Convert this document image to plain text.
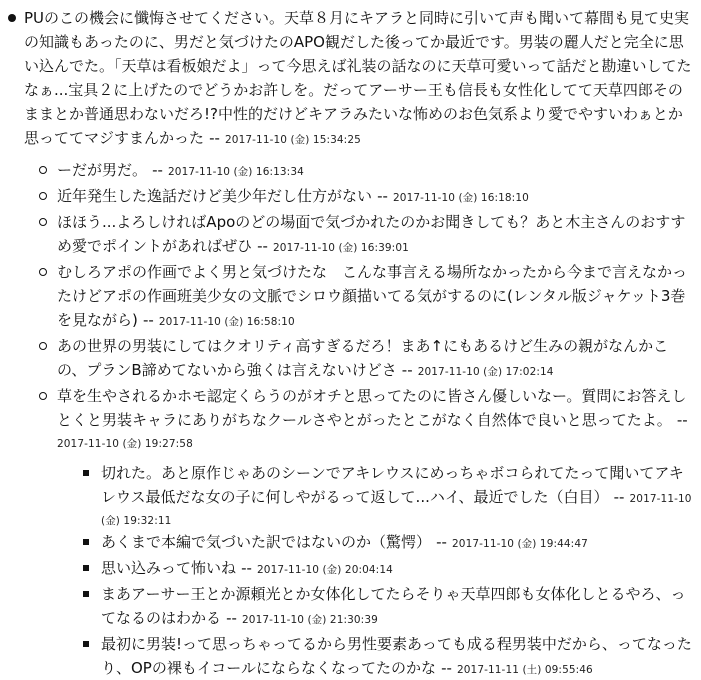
PUのこの機会に懺悔させてください。天草８月にキアラと同時に引いて声も聞いて幕間も見て史実の知識もあったのに、男だと気づけたのAPO観だした後ってか最近です。男装の麗人だと完全に思い込んでた。「天草は看板娘だよ」って今思えば礼装の話なのに天草可愛いって話だと勘違いしてたなぁ...宝具２に上げたのでどうかお許しを。だってアーサー王も信長も女性化してて天草四郎そのままとか普通思わないだろ!?中性的だけどキアラみたいな怖めのお色気系より愛でやすいわぁとか思っててマジすまんかった -- 2017-11-10 (金) 15:34:25
ーだが男だ。 -- 2017-11-10 (金) 16:13:34
近年発生した逸話だけど美少年だし仕方がない -- 2017-11-10 (金) 16:18:10
ほほう...よろしければApoのどの場面で気づかれたのかお聞きしても？あと木主さんのおすすめ愛でポイントがあればぜひ -- 2017-11-10 (金) 16:39:01
むしろアポの作画でよく男と気づけたな　こんな事言える場所なかったから今まで言えなかったけどアポの作画班美少女の文脈でシロウ顔描いてる気がするのに(レンタル版ジャケット3巻を見ながら) -- 2017-11-10 (金) 16:58:10
あの世界の男装にしてはクオリティ高すぎるだろ！まあ↑にもあるけど生みの親がなんかこの、プランB諦めてないから強くは言えないけどさ -- 2017-11-10 (金) 17:02:14
草を生やされるかホモ認定くらうのがオチと思ってたのに皆さん優しいなー。質問にお答えしとくと男装キャラにありがちなクールさやとがったとこがなく自然体で良いと思ってたよ。 -- 2017-11-10 (金) 19:27:58
切れた。あと原作じゃあのシーンでアキレウスにめっちゃボコられてたって聞いてアキレウス最低だな女の子に何しやがるって返して...ハイ、最近でした（白目） -- 2017-11-10 (金) 19:32:11
あくまで本編で気づいた訳ではないのか（驚愕） -- 2017-11-10 (金) 19:44:47
思い込みって怖いね -- 2017-11-10 (金) 20:04:14
まあアーサー王とか源頼光とか女体化してたらそりゃ天草四郎も女体化しとるやろ、ってなるのはわかる -- 2017-11-10 (金) 21:30:39
最初に男装!って思っちゃってるから男性要素あっても成る程男装中だから、ってなったり、OPの裸もイコールにならなくなってたのかな -- 2017-11-11 (土) 09:55:46
